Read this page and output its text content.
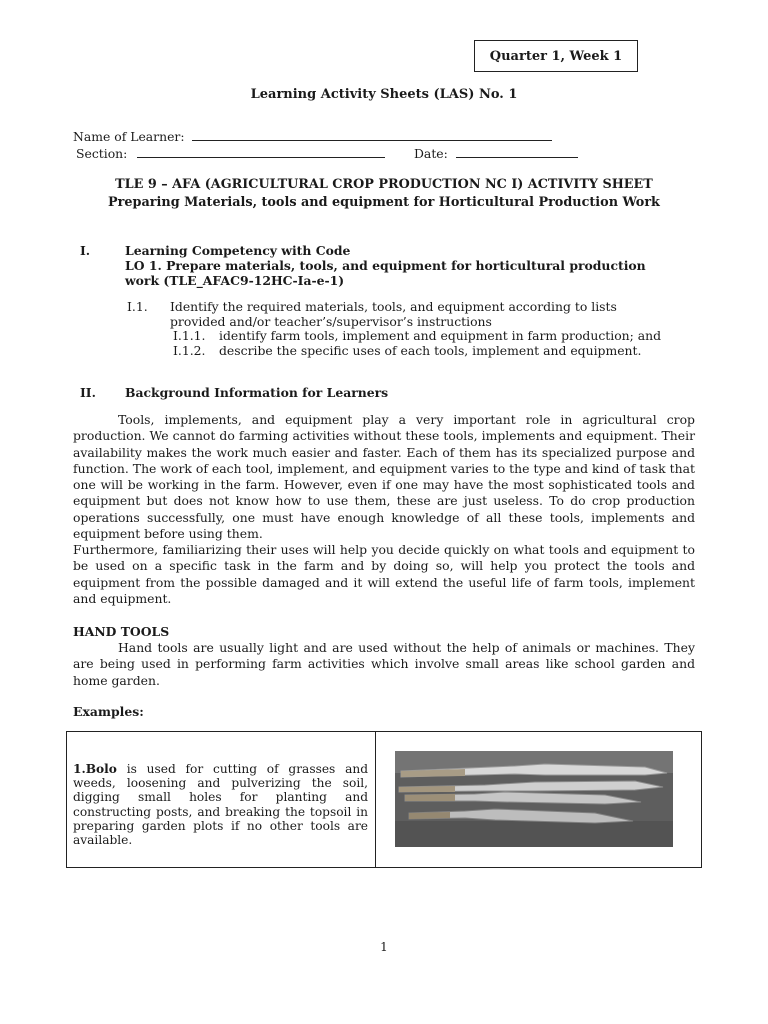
Quarter 1, Week 1
Learning Activity Sheets (LAS) No. 1
Name of Learner:
Section:	Date:
TLE 9 – AFA (AGRICULTURAL CROP PRODUCTION NC I) ACTIVITY SHEET
Preparing Materials, tools and equipment for Horticultural Production Work
I.	Learning Competency with Code
LO 1. Prepare materials, tools, and equipment for horticultural production
work (TLE_AFAC9-12HC-Ia-e-1)
I.1. Identify the required materials, tools, and equipment according to lists
provided and/or teacher’s/supervisor’s instructions
I.1.1. identify farm tools, implement and equipment in farm production; and
I.1.2. describe the specific uses of each tools, implement and equipment.
II. Background Information for Learners

Tools, implements, and equipment play a very important role in agricultural crop production. We cannot do farming activities without these tools, implements and equipment. Their availability makes the work much easier and faster. Each of them has its specialized purpose and function. The work of each tool, implement, and equipment varies to the type and kind of task that one will be working in the farm. However, even if one may have the most sophisticated tools and equipment but does not know how to use them, these are just useless. To do crop production operations successfully, one must have enough knowledge of all these tools, implements and equipment before using them.

Furthermore, familiarizing their uses will help you decide quickly on what tools and equipment to be used on a specific task in the farm and by doing so, will help you protect the tools and equipment from the possible damaged and it will extend the useful life of farm tools, implement and equipment.

HAND TOOLS

Hand tools are usually light and are used without the help of animals or machines. They are being used in performing farm activities which involve small areas like school garden and home garden.

Examples:
1.Bolo is used for cutting of grasses and weeds, loosening and pulverizing the soil, digging small holes for planting and constructing posts, and breaking the topsoil in preparing garden plots if no other tools are available.

1
